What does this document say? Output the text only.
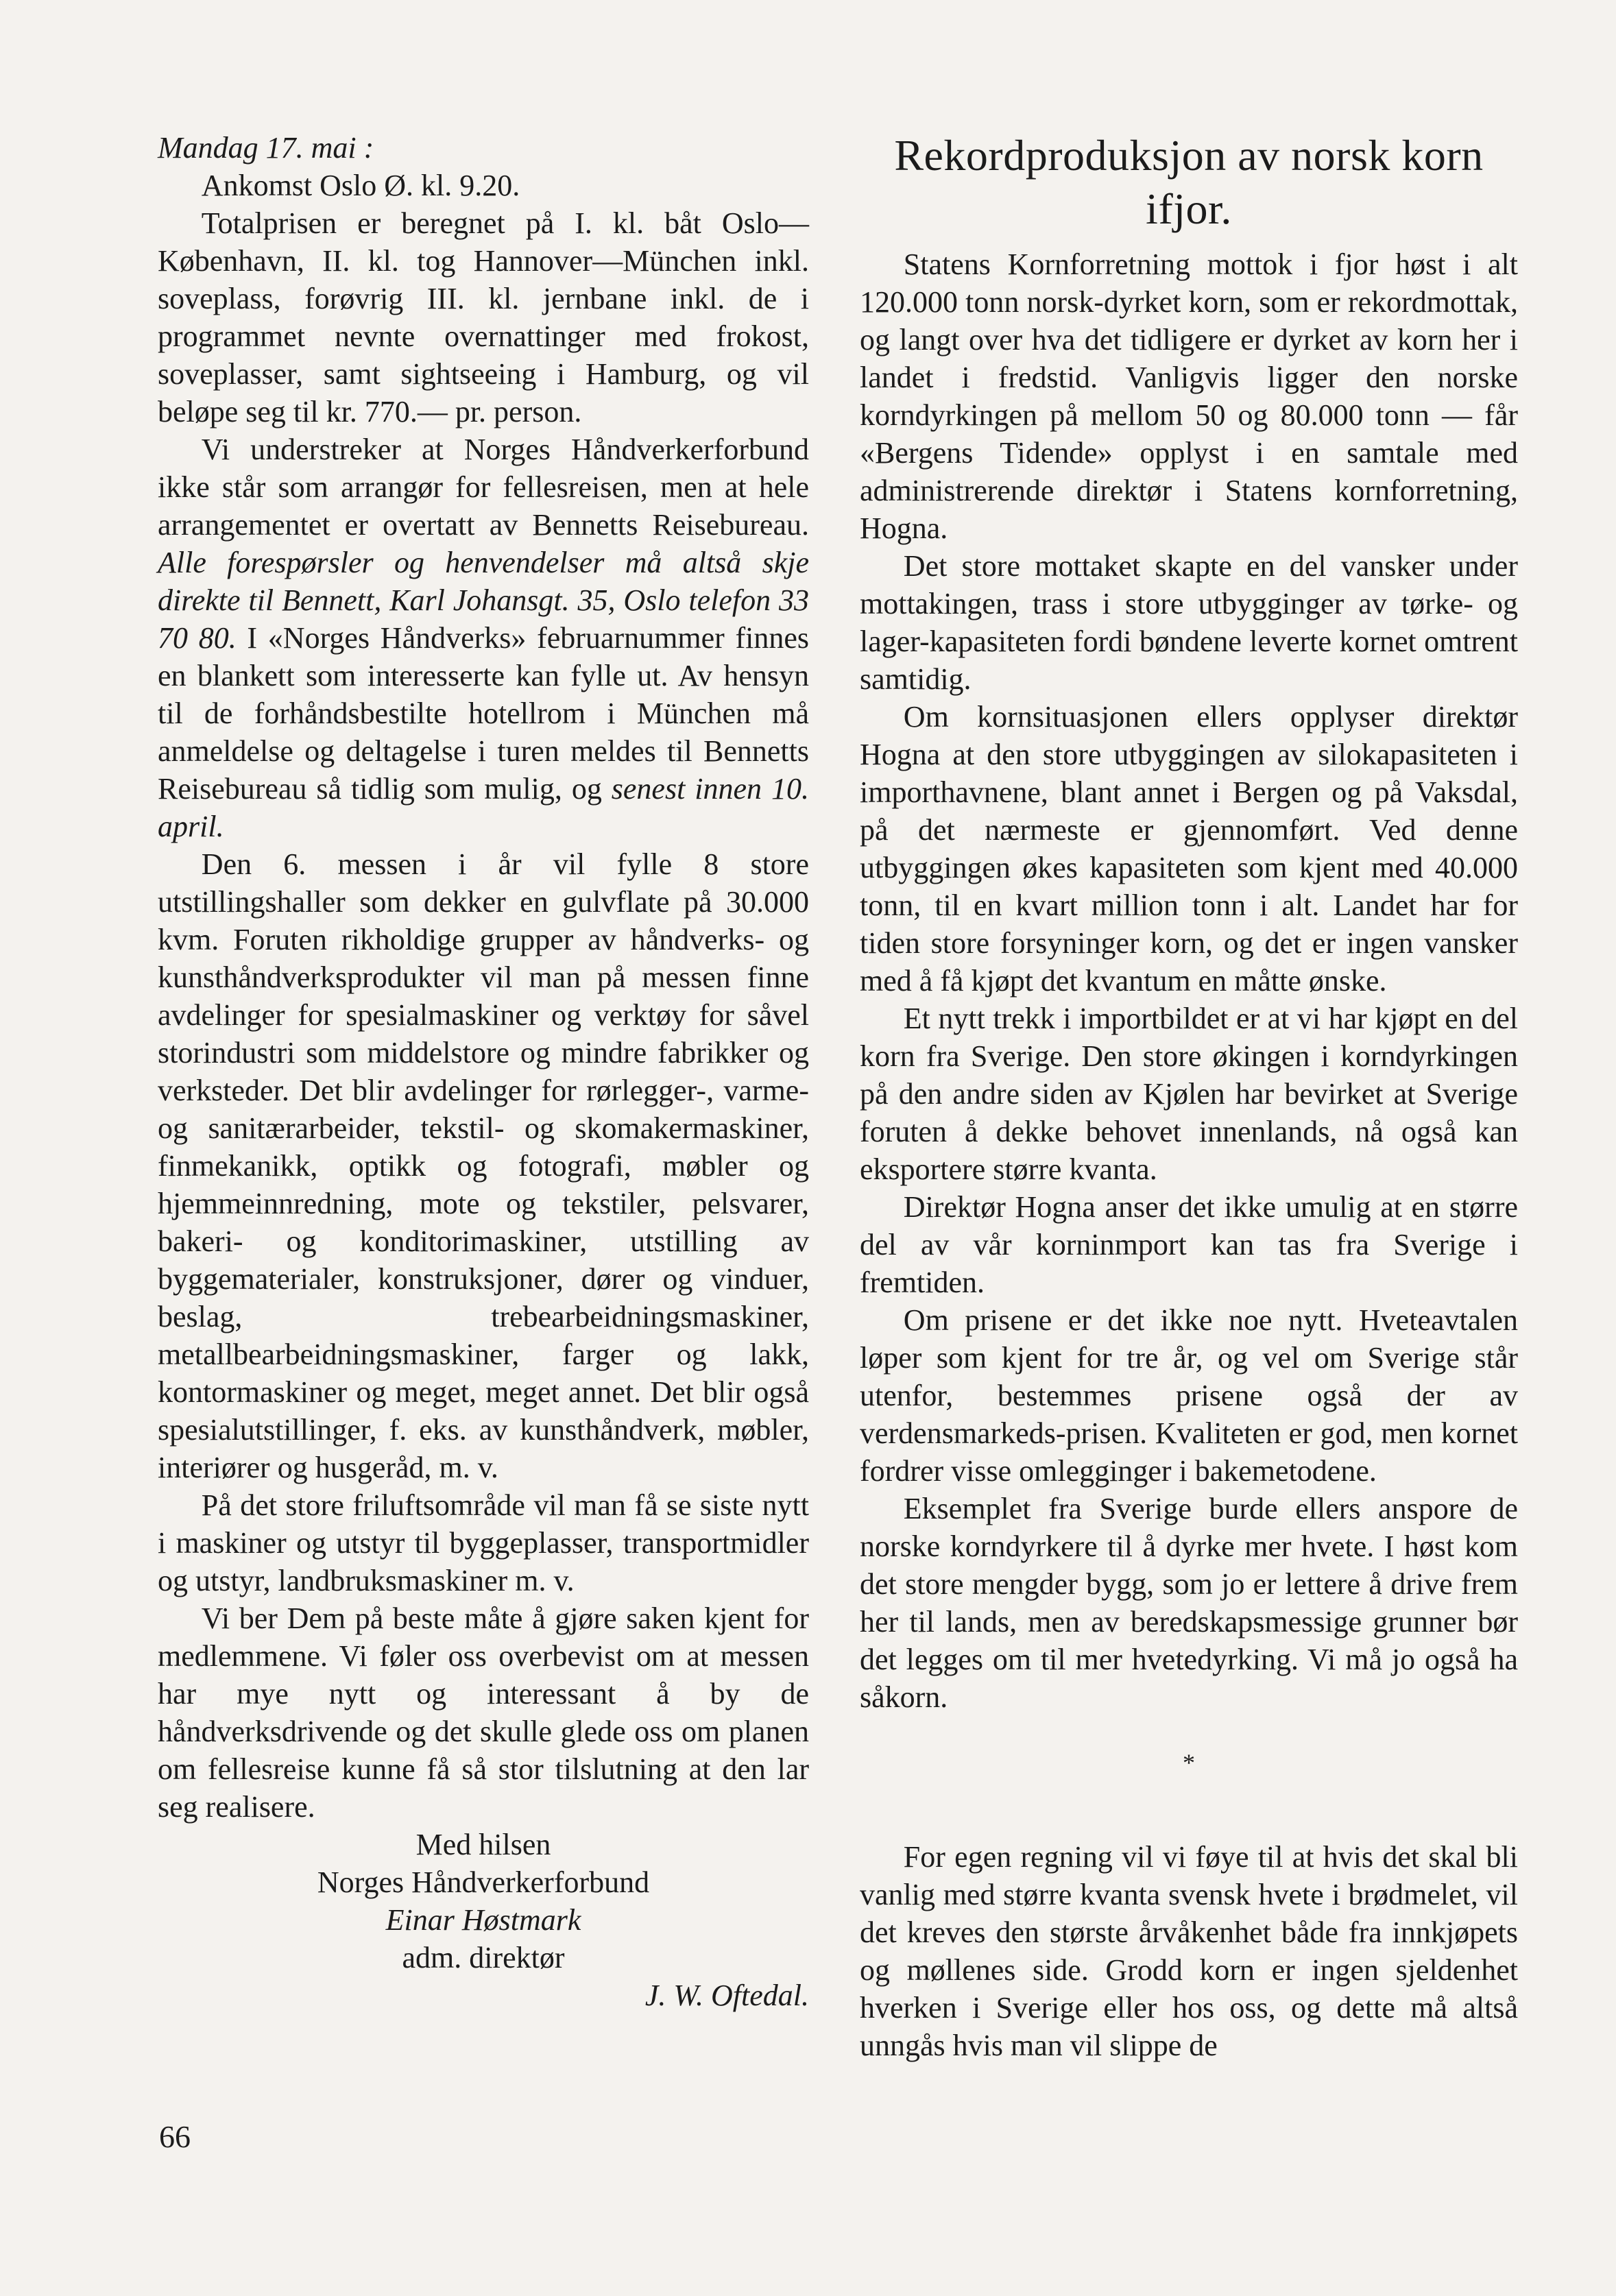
Mandag 17. mai :

Ankomst Oslo Ø. kl. 9.20.

Totalprisen er beregnet på I. kl. båt Oslo—København, II. kl. tog Hannover—München inkl. soveplass, forøvrig III. kl. jernbane inkl. de i programmet nevnte overnattinger med frokost, soveplasser, samt sightseeing i Hamburg, og vil beløpe seg til kr. 770.— pr. person.

Vi understreker at Norges Håndverkerforbund ikke står som arrangør for fellesreisen, men at hele arrangementet er overtatt av Bennetts Reisebureau. Alle forespørsler og henvendelser må altså skje direkte til Bennett, Karl Johansgt. 35, Oslo telefon 33 70 80. I «Norges Håndverks» februarnummer finnes en blankett som interesserte kan fylle ut. Av hensyn til de forhåndsbestilte hotellrom i München må anmeldelse og deltagelse i turen meldes til Bennetts Reisebureau så tidlig som mulig, og senest innen 10. april.

Den 6. messen i år vil fylle 8 store utstillingshaller som dekker en gulvflate på 30.000 kvm. Foruten rikholdige grupper av håndverks- og kunsthåndverksprodukter vil man på messen finne avdelinger for spesialmaskiner og verktøy for såvel storindustri som middelstore og mindre fabrikker og verksteder. Det blir avdelinger for rørlegger-, varme- og sanitærarbeider, tekstil- og skomakermaskiner, finmekanikk, optikk og fotografi, møbler og hjemmeinnredning, mote og tekstiler, pelsvarer, bakeri- og konditorimaskiner, utstilling av byggematerialer, konstruksjoner, dører og vinduer, beslag, trebearbeidningsmaskiner, metallbearbeidningsmaskiner, farger og lakk, kontormaskiner og meget, meget annet. Det blir også spesialutstillinger, f. eks. av kunsthåndverk, møbler, interiører og husgeråd, m. v.

På det store friluftsområde vil man få se siste nytt i maskiner og utstyr til byggeplasser, transportmidler og utstyr, landbruksmaskiner m. v.

Vi ber Dem på beste måte å gjøre saken kjent for medlemmene. Vi føler oss overbevist om at messen har mye nytt og interessant å by de håndverksdrivende og det skulle glede oss om planen om fellesreise kunne få så stor tilslutning at den lar seg realisere.

Med hilsen

Norges Håndverkerforbund

Einar Høstmark

adm. direktør

J. W. Oftedal.

Rekordproduksjon av norsk korn ifjor.

Statens Kornforretning mottok i fjor høst i alt 120.000 tonn norsk-dyrket korn, som er rekordmottak, og langt over hva det tidligere er dyrket av korn her i landet i fredstid. Vanligvis ligger den norske korndyrkingen på mellom 50 og 80.000 tonn — får «Bergens Tidende» opplyst i en samtale med administrerende direktør i Statens kornforretning, Hogna.

Det store mottaket skapte en del vansker under mottakingen, trass i store utbygginger av tørke- og lager-kapasiteten fordi bøndene leverte kornet omtrent samtidig.

Om kornsituasjonen ellers opplyser direktør Hogna at den store utbyggingen av silokapasiteten i importhavnene, blant annet i Bergen og på Vaksdal, på det nærmeste er gjennomført. Ved denne utbyggingen økes kapasiteten som kjent med 40.000 tonn, til en kvart million tonn i alt. Landet har for tiden store forsyninger korn, og det er ingen vansker med å få kjøpt det kvantum en måtte ønske.

Et nytt trekk i importbildet er at vi har kjøpt en del korn fra Sverige. Den store økingen i korndyrkingen på den andre siden av Kjølen har bevirket at Sverige foruten å dekke behovet innenlands, nå også kan eksportere større kvanta.

Direktør Hogna anser det ikke umulig at en større del av vår korninmport kan tas fra Sverige i fremtiden.

Om prisene er det ikke noe nytt. Hveteavtalen løper som kjent for tre år, og vel om Sverige står utenfor, bestemmes prisene også der av verdensmarkeds-prisen. Kvaliteten er god, men kornet fordrer visse omlegginger i bakemetodene.

Eksemplet fra Sverige burde ellers anspore de norske korndyrkere til å dyrke mer hvete. I høst kom det store mengder bygg, som jo er lettere å drive frem her til lands, men av beredskapsmessige grunner bør det legges om til mer hvetedyrking. Vi må jo også ha såkorn.

*

For egen regning vil vi føye til at hvis det skal bli vanlig med større kvanta svensk hvete i brødmelet, vil det kreves den største årvåkenhet både fra innkjøpets og møllenes side. Grodd korn er ingen sjeldenhet hverken i Sverige eller hos oss, og dette må altså unngås hvis man vil slippe de

66
